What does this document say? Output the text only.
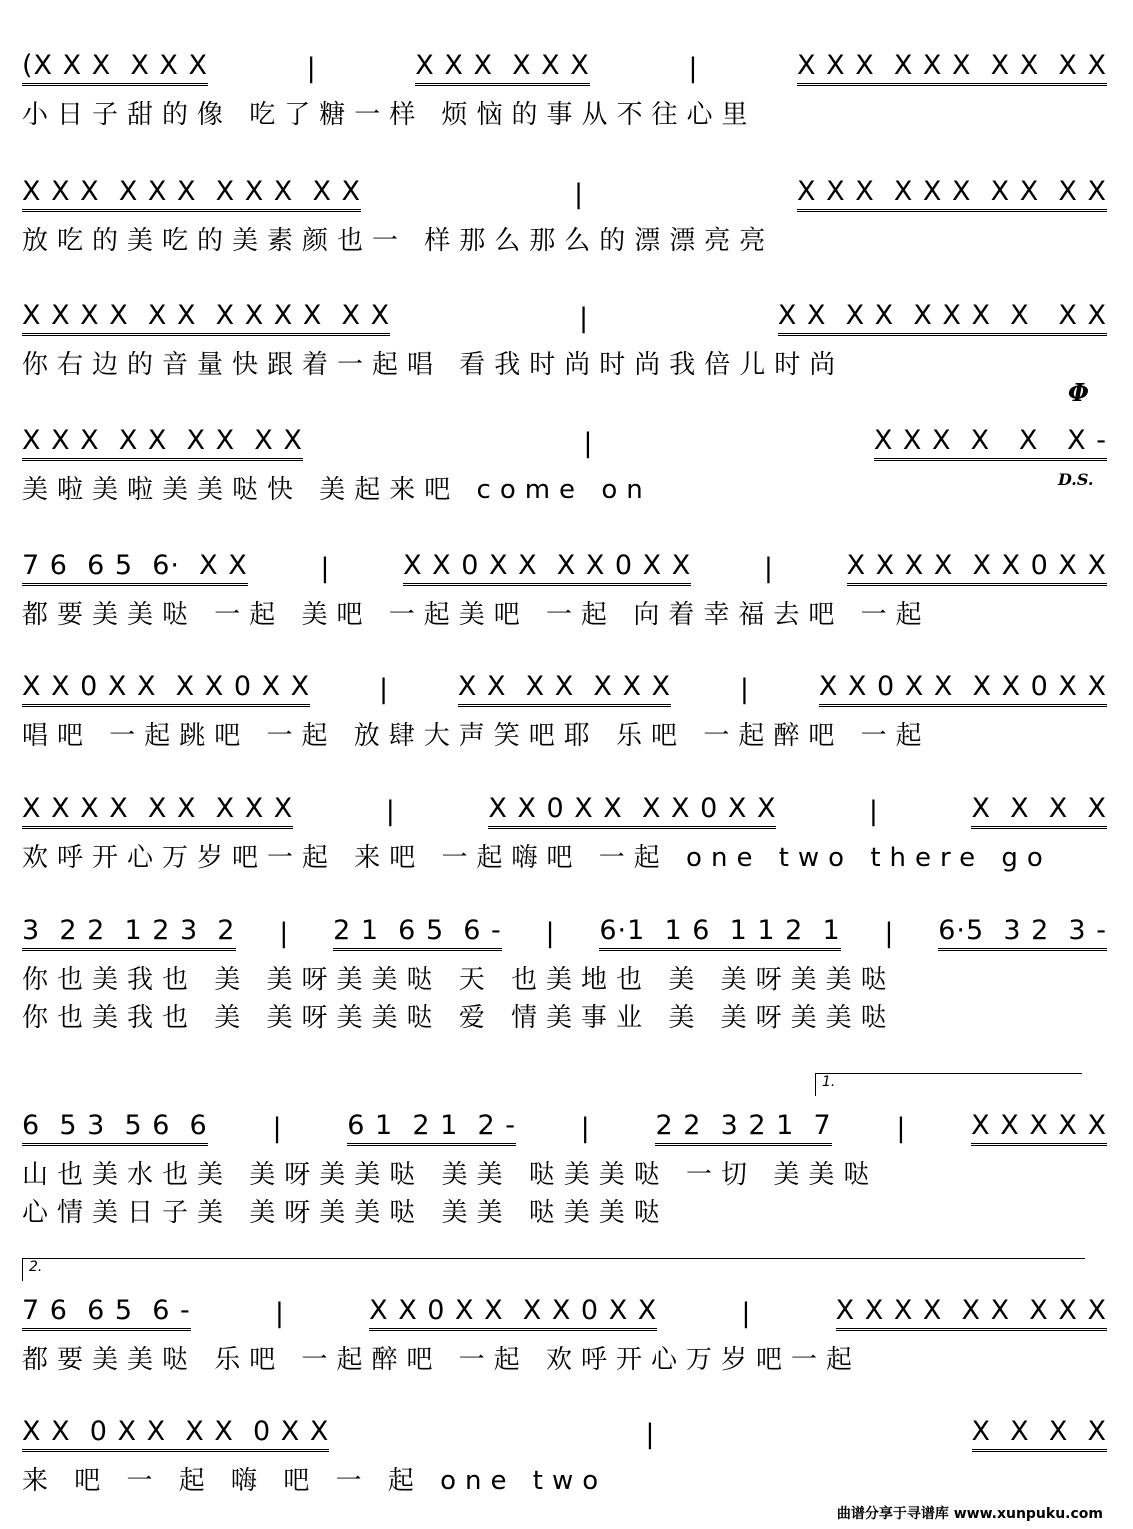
(X X X  X X X	|	X X X  X X X	|	X X X  X X X  X X  X X
小日子甜的像 吃了糖一样 烦恼的事从不往心里
X X X  X X X  X X X  X X	|	X X X  X X X  X X  X X
放吃的美吃的美素颜也一 样那么那么的漂漂亮亮
X X X X  X X  X X X X  X X	|	X X  X X  X X X  X   X X
你右边的音量快跟着一起唱 看我时尚时尚我倍儿时尚
X X X  X X  X X  X X	|	X X X  X   X   X -
美啦美啦美美哒快 美起来吧 come on
7 6  6 5  6·  X X	|	X X 0 X X  X X 0 X X	|	X X X X  X X 0 X X
都要美美哒 一起 美吧 一起美吧 一起 向着幸福去吧 一起
X X 0 X X  X X 0 X X	|	X X  X X  X X X	|	X X 0 X X  X X 0 X X
唱吧 一起跳吧 一起 放肆大声笑吧耶 乐吧 一起醉吧 一起
X X X X  X X  X X X	|	X X 0 X X  X X 0 X X	|	X  X  X  X
欢呼开心万岁吧一起 来吧 一起嗨吧 一起 one two there go
3  2 2  1 2 3  2 | 2 1  6 5  6 - | 6·1  1 6  1 1 2  1 | 6·5  3 2  3 -
你也美我也 美 美呀美美哒 天 也美地也 美 美呀美美哒
你也美我也 美 美呀美美哒 爱 情美事业 美 美呀美美哒
6  5 3  5 6  6 | 6 1  2 1  2 - | 2 2  3 2 1  7 | X X X X X
山也美水也美 美呀美美哒 美美 哒美美哒 一切 美美哒
心情美日子美 美呀美美哒 美美 哒美美哒
7 6  6 5  6 -	|	X X 0 X X  X X 0 X X	|	X X X X  X X  X X X
都要美美哒 乐吧 一起醉吧 一起 欢呼开心万岁吧一起
X X  0 X X  X X  0 X X	|	X  X  X  X
来 吧 一 起 嗨 吧 一 起 one two
D.S.
Φ
1.
2.
曲谱分享于寻谱库 www.xunpuku.com
